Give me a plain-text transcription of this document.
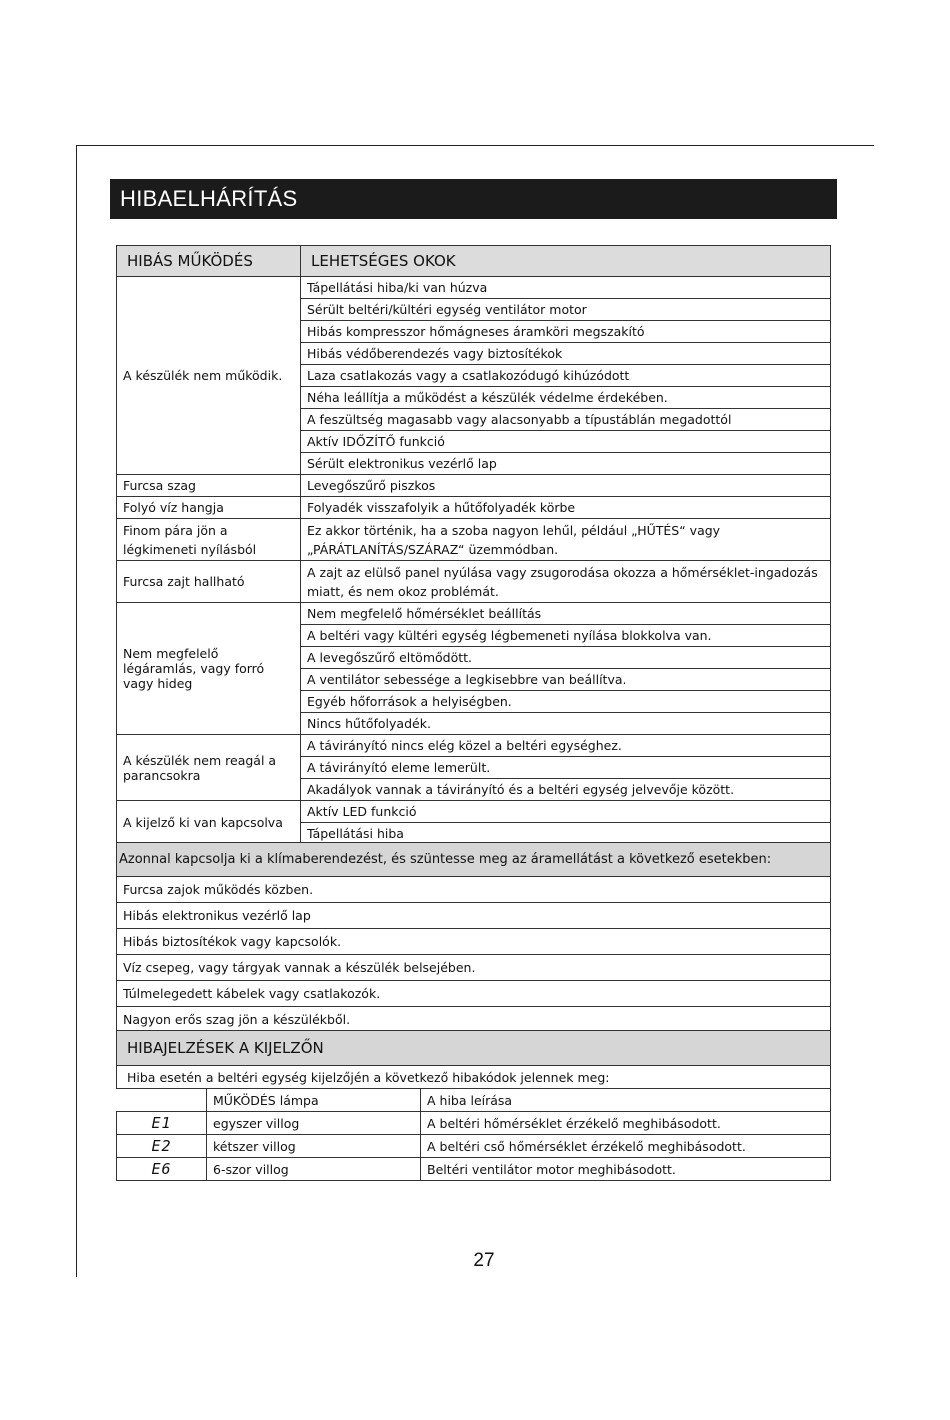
HIBAELHÁRÍTÁS
HIBÁS MŰKÖDÉS	LEHETSÉGES OKOK
A készülék nem működik.	Tápellátási hiba/ki van húzva
	Sérült beltéri/kültéri egység ventilátor motor
	Hibás kompresszor hőmágneses áramköri megszakító
	Hibás védőberendezés vagy biztosítékok
	Laza csatlakozás vagy a csatlakozódugó kihúzódott
	Néha leállítja a működést a készülék védelme érdekében.
	A feszültség magasabb vagy alacsonyabb a típustáblán megadottól
	Aktív IDŐZÍTŐ funkció
	Sérült elektronikus vezérlő lap
Furcsa szag	Levegőszűrő piszkos
Folyó víz hangja	Folyadék visszafolyik a hűtőfolyadék körbe
Finom pára jön a légkimeneti nyílásból	Ez akkor történik, ha a szoba nagyon lehűl, például „HŰTÉS“ vagy „PÁRÁTLANÍTÁS/SZÁRAZ“ üzemmódban.
Furcsa zajt hallható	A zajt az elülső panel nyúlása vagy zsugorodása okozza a hőmérséklet-ingadozás miatt, és nem okoz problémát.
Nem megfelelő légáramlás, vagy forró vagy hideg	Nem megfelelő hőmérséklet beállítás
	A beltéri vagy kültéri egység légbemeneti nyílása blokkolva van.
	A levegőszűrő eltömődött.
	A ventilátor sebessége a legkisebbre van beállítva.
	Egyéb hőforrások a helyiségben.
	Nincs hűtőfolyadék.
A készülék nem reagál a parancsokra	A távirányító nincs elég közel a beltéri egységhez.
	A távirányító eleme lemerült.
	Akadályok vannak a távirányító és a beltéri egység jelvevője között.
A kijelző ki van kapcsolva	Aktív LED funkció
	Tápellátási hiba
Azonnal kapcsolja ki a klímaberendezést, és szüntesse meg az áramellátást a következő esetekben:
Furcsa zajok működés közben.
Hibás elektronikus vezérlő lap
Hibás biztosítékok vagy kapcsolók.
Víz csepeg, vagy tárgyak vannak a készülék belsejében.
Túlmelegedett kábelek vagy csatlakozók.
Nagyon erős szag jön a készülékből.
HIBAJELZÉSEK A KIJELZŐN		
Hiba esetén a beltéri egység kijelzőjén a következő hibakódok jelennek meg:		
	MŰKÖDÉS lámpa	A hiba leírása
E1	egyszer villog	A beltéri hőmérséklet érzékelő meghibásodott.
E2	kétszer villog	A beltéri cső hőmérséklet érzékelő meghibásodott.
E6	6-szor villog	Beltéri ventilátor motor meghibásodott.
27
